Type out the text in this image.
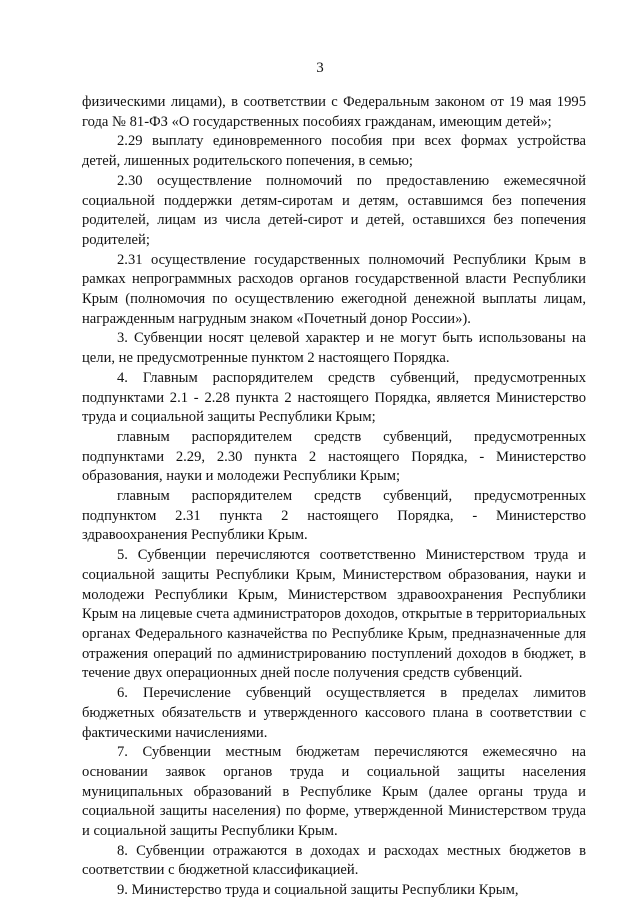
3

физическими лицами), в соответствии с Федеральным законом от 19 мая 1995 года № 81-ФЗ «О государственных пособиях гражданам, имеющим детей»;

2.29 выплату единовременного пособия при всех формах устройства детей, лишенных родительского попечения, в семью;

2.30 осуществление полномочий по предоставлению ежемесячной социальной поддержки детям-сиротам и детям, оставшимся без попечения родителей, лицам из числа детей-сирот и детей, оставшихся без попечения родителей;

2.31 осуществление государственных полномочий Республики Крым в рамках непрограммных расходов органов государственной власти Республики Крым (полномочия по осуществлению ежегодной денежной выплаты лицам, награжденным нагрудным знаком «Почетный донор России»).

3. Субвенции носят целевой характер и не могут быть использованы на цели, не предусмотренные пунктом 2 настоящего Порядка.

4. Главным распорядителем средств субвенций, предусмотренных подпунктами 2.1 - 2.28 пункта 2 настоящего Порядка, является Министерство труда и социальной защиты Республики Крым;

главным распорядителем средств субвенций, предусмотренных подпунктами 2.29, 2.30 пункта 2 настоящего Порядка, - Министерство образования, науки и молодежи Республики Крым;

главным распорядителем средств субвенций, предусмотренных подпунктом 2.31 пункта 2 настоящего Порядка, - Министерство здравоохранения Республики Крым.

5. Субвенции перечисляются соответственно Министерством труда и социальной защиты Республики Крым, Министерством образования, науки и молодежи Республики Крым, Министерством здравоохранения Республики Крым на лицевые счета администраторов доходов, открытые в территориальных органах Федерального казначейства по Республике Крым, предназначенные для отражения операций по администрированию поступлений доходов в бюджет, в течение двух операционных дней после получения средств субвенций.

6. Перечисление субвенций осуществляется в пределах лимитов бюджетных обязательств и утвержденного кассового плана в соответствии с фактическими начислениями.

7. Субвенции местным бюджетам перечисляются ежемесячно на основании заявок органов труда и социальной защиты населения муниципальных образований в Республике Крым (далее органы труда и социальной защиты населения) по форме, утвержденной Министерством труда и социальной защиты Республики Крым.

8. Субвенции отражаются в доходах и расходах местных бюджетов в соответствии с бюджетной классификацией.

9. Министерство труда и социальной защиты Республики Крым,
